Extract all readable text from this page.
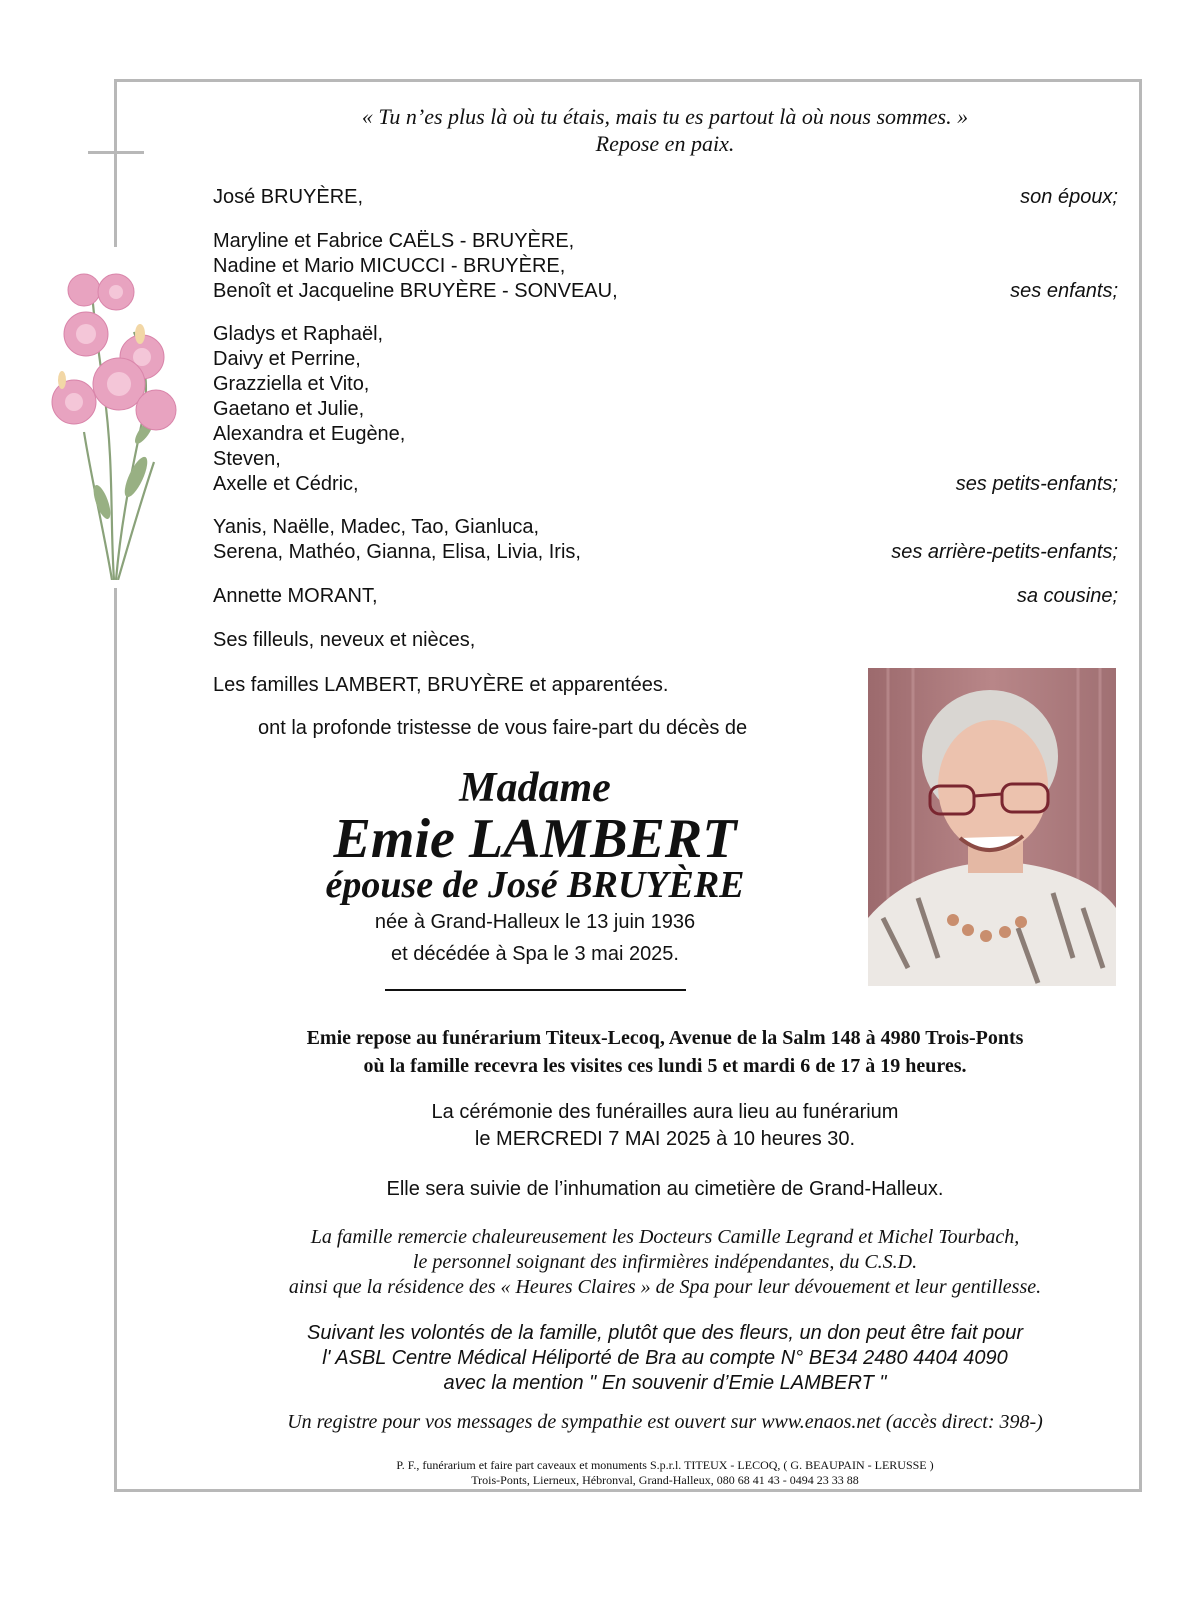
« Tu n’es plus là où tu étais, mais tu es partout là où nous sommes. »
Repose en paix.
José BRUYÈRE,	son époux;
Maryline et Fabrice CAËLS - BRUYÈRE,
Nadine et Mario MICUCCI - BRUYÈRE,
Benoît et Jacqueline BRUYÈRE - SONVEAU,	ses enfants;
Gladys et Raphaël,
Daivy et Perrine,
Grazziella et Vito,
Gaetano et Julie,
Alexandra et Eugène,
Steven,
Axelle et Cédric,	ses petits-enfants;
Yanis, Naëlle, Madec, Tao, Gianluca,
Serena, Mathéo, Gianna, Elisa, Livia, Iris,	ses arrière-petits-enfants;
Annette MORANT,	sa cousine;
Ses filleuls, neveux et nièces,
Les familles LAMBERT, BRUYÈRE et apparentées.
ont la profonde tristesse de vous faire-part du décès de
Madame
Emie LAMBERT
épouse de José BRUYÈRE
née à Grand-Halleux le 13 juin 1936
et décédée à Spa le 3 mai 2025.
Emie repose au funérarium Titeux-Lecoq, Avenue de la Salm 148 à 4980 Trois-Ponts
où la famille recevra les visites ces lundi 5 et mardi 6 de 17 à 19 heures.
La cérémonie des funérailles aura lieu au funérarium
le MERCREDI 7 MAI 2025 à 10 heures 30.
Elle sera suivie de l’inhumation au cimetière de Grand-Halleux.
La famille remercie chaleureusement les Docteurs Camille Legrand et Michel Tourbach,
le personnel soignant des infirmières indépendantes, du C.S.D.
ainsi que la résidence des « Heures Claires » de Spa pour leur dévouement et leur gentillesse.
Suivant les volontés de la famille, plutôt que des fleurs, un don peut être fait pour
l' ASBL Centre Médical Héliporté de Bra au compte N° BE34 2480 4404 4090
avec la mention " En souvenir d’Emie LAMBERT "
Un registre pour vos messages de sympathie est ouvert sur www.enaos.net (accès direct: 398-)
P. F., funérarium et faire part caveaux et monuments S.p.r.l. TITEUX - LECOQ, ( G. BEAUPAIN - LERUSSE )
Trois-Ponts, Lierneux, Hébronval, Grand-Halleux, 080 68 41 43 - 0494 23 33 88
